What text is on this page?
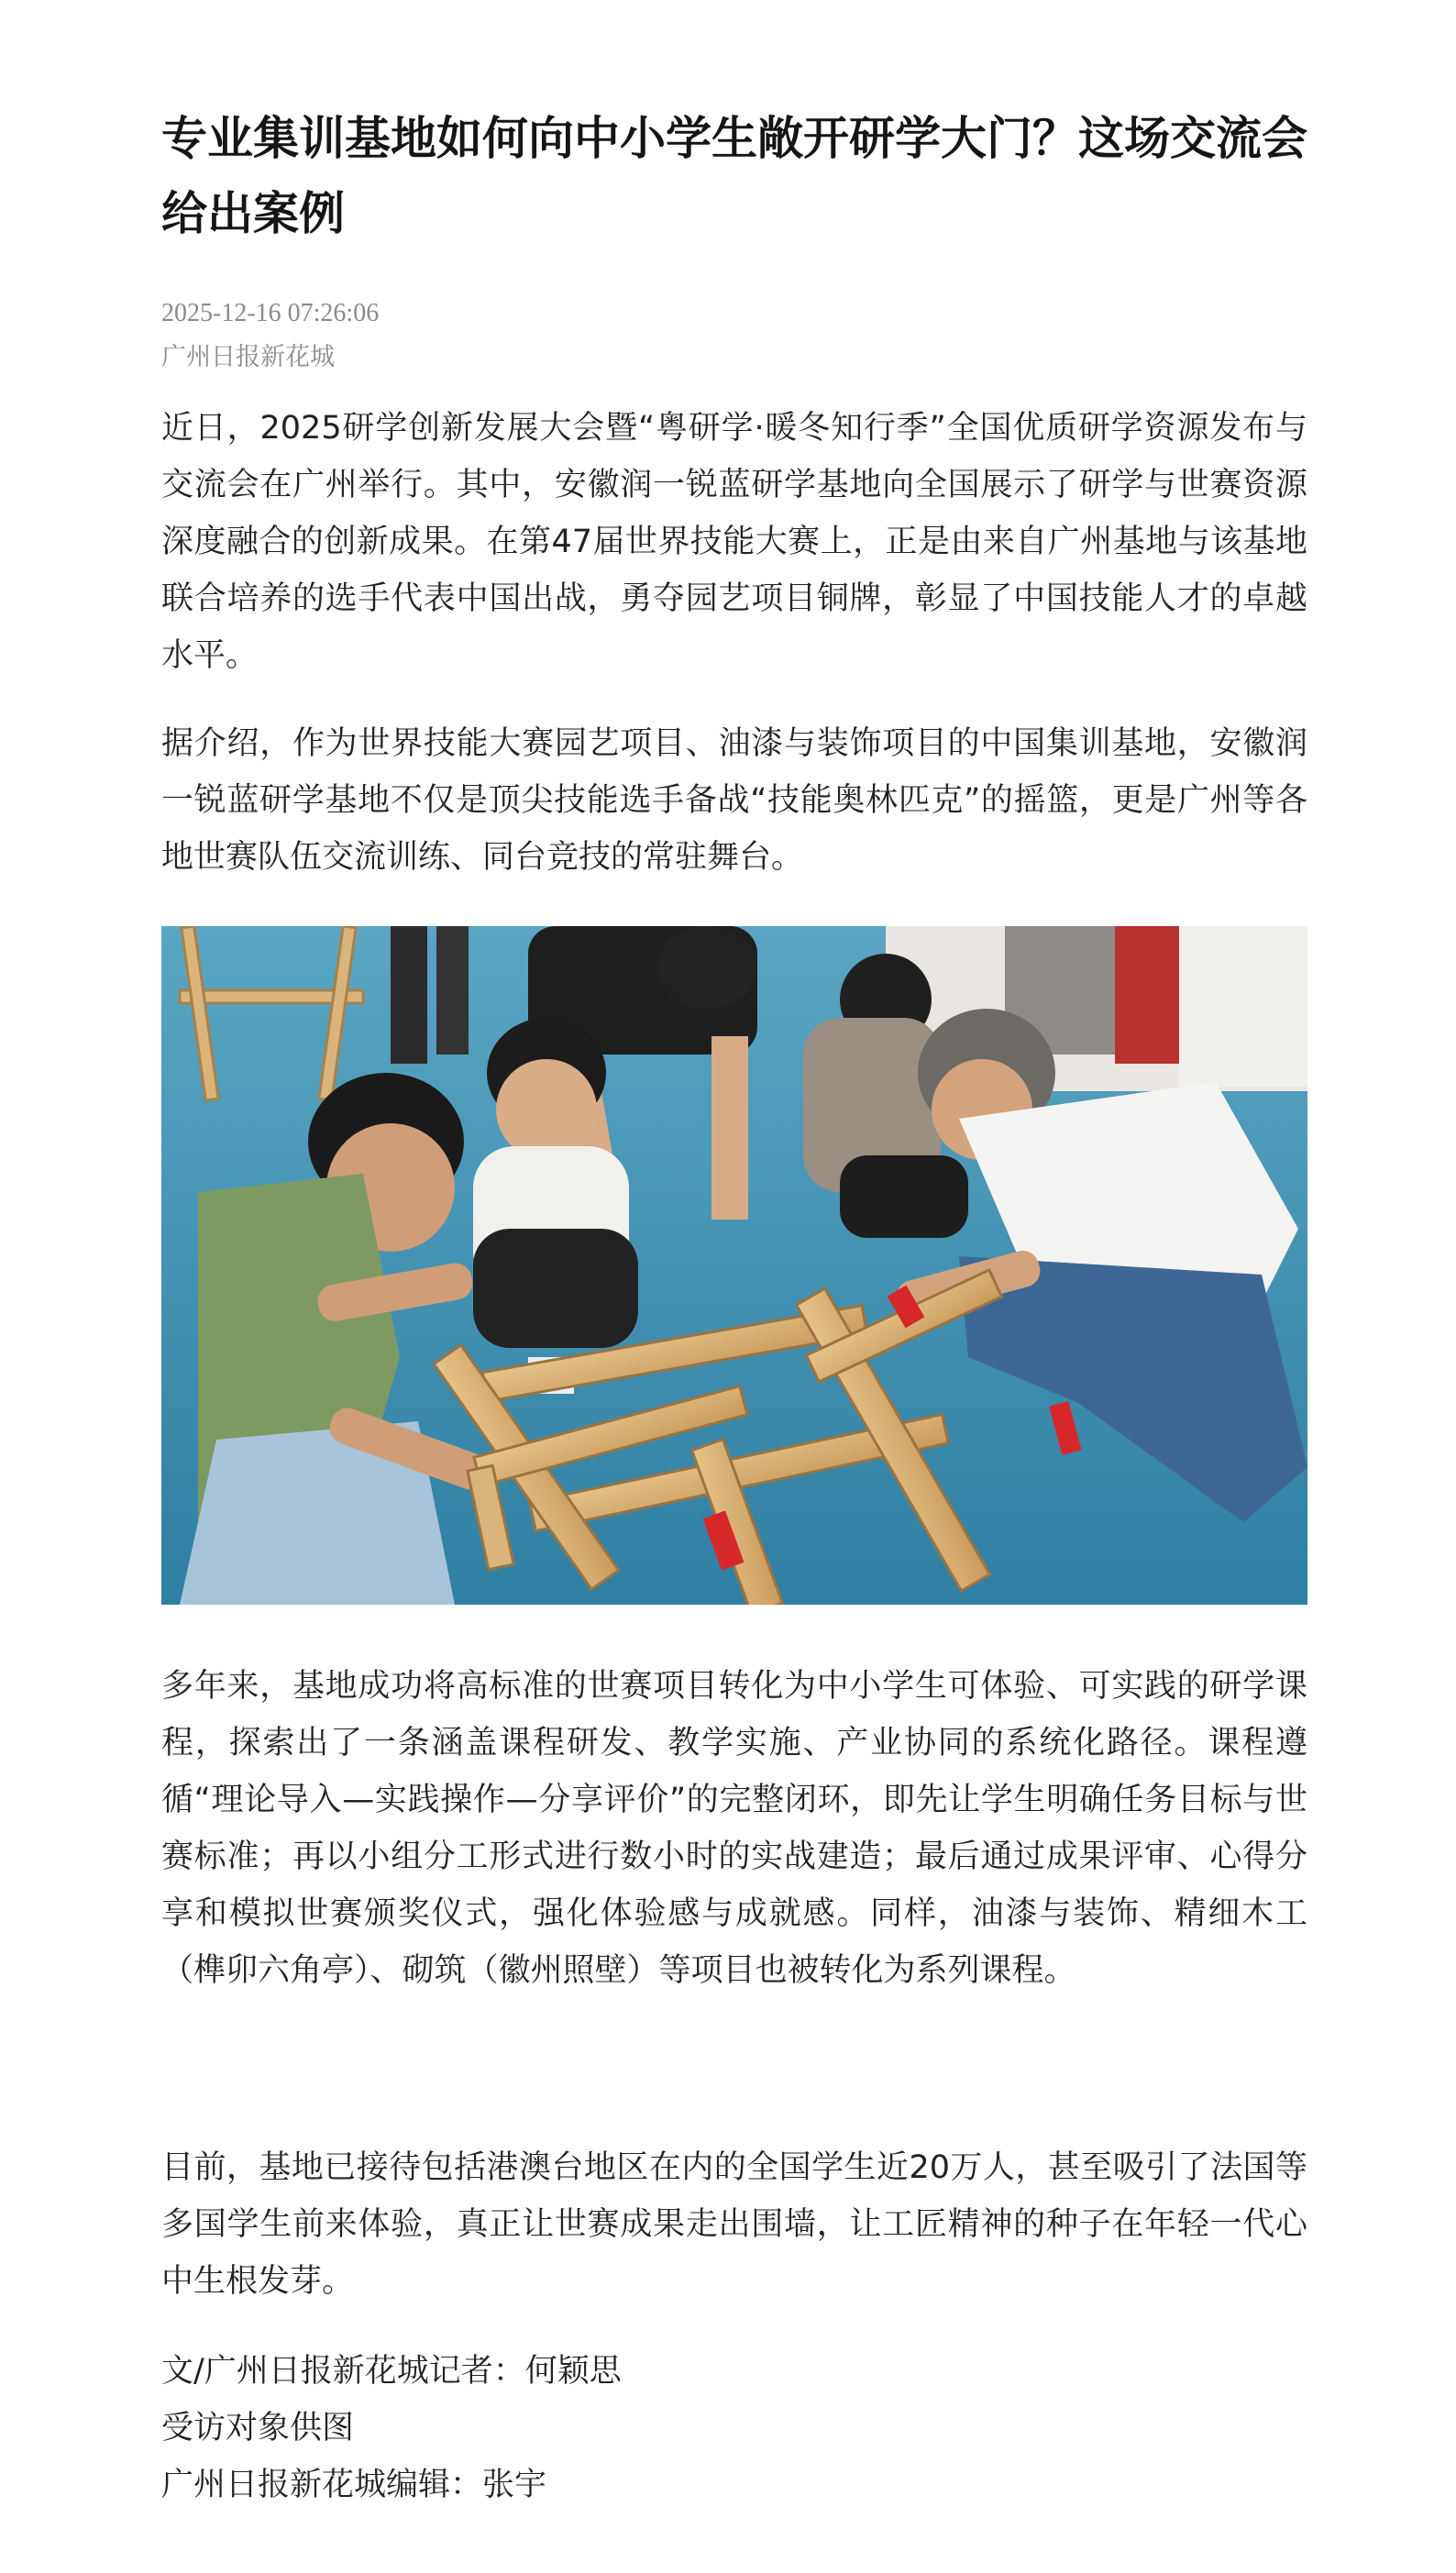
专业集训基地如何向中小学生敞开研学大门？这场交流会给出案例
2025-12-16 07:26:06
广州日报新花城

近日，2025研学创新发展大会暨“粤研学·暖冬知行季”全国优质研学资源发布与交流会在广州举行。其中，安徽润一锐蓝研学基地向全国展示了研学与世赛资源深度融合的创新成果。在第47届世界技能大赛上，正是由来自广州基地与该基地联合培养的选手代表中国出战，勇夺园艺项目铜牌，彰显了中国技能人才的卓越水平。

据介绍，作为世界技能大赛园艺项目、油漆与装饰项目的中国集训基地，安徽润一锐蓝研学基地不仅是顶尖技能选手备战“技能奥林匹克”的摇篮，更是广州等各地世赛队伍交流训练、同台竞技的常驻舞台。

多年来，基地成功将高标准的世赛项目转化为中小学生可体验、可实践的研学课程，探索出了一条涵盖课程研发、教学实施、产业协同的系统化路径。课程遵循“理论导入—实践操作—分享评价”的完整闭环，即先让学生明确任务目标与世赛标准；再以小组分工形式进行数小时的实战建造；最后通过成果评审、心得分享和模拟世赛颁奖仪式，强化体验感与成就感。同样，油漆与装饰、精细木工（榫卯六角亭）、砌筑（徽州照壁）等项目也被转化为系列课程。

目前，基地已接待包括港澳台地区在内的全国学生近20万人，甚至吸引了法国等多国学生前来体验，真正让世赛成果走出围墙，让工匠精神的种子在年轻一代心中生根发芽。

文/广州日报新花城记者：何颖思
受访对象供图
广州日报新花城编辑：张宇
